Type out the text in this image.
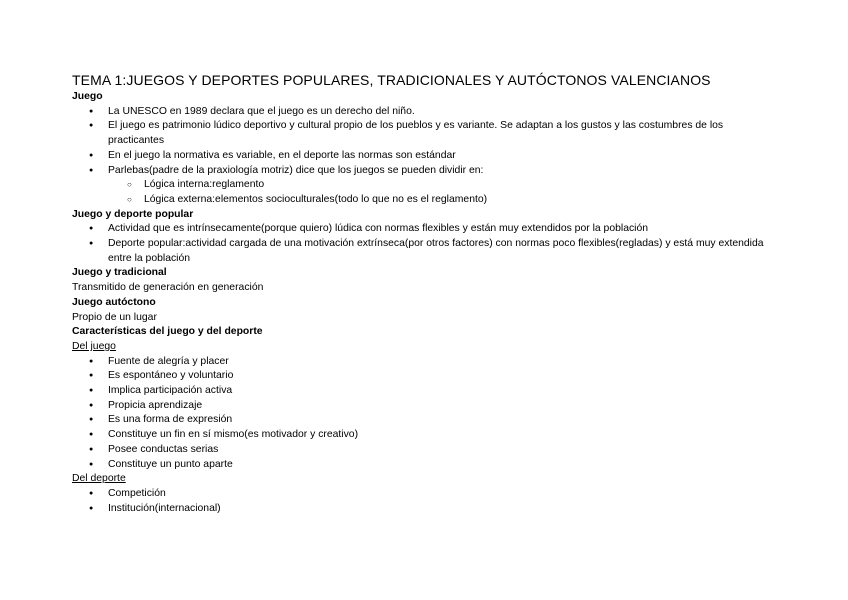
TEMA 1:JUEGOS Y DEPORTES POPULARES, TRADICIONALES Y AUTÓCTONOS VALENCIANOS
Juego
● La UNESCO en 1989 declara que el juego es un derecho del niño.
● El juego es patrimonio lúdico deportivo y cultural propio de los pueblos y es variante. Se adaptan a los gustos y las costumbres de los practicantes
● En el juego la normativa es variable, en el deporte las normas son estándar
● Parlebas(padre de la praxiología motriz) dice que los juegos se pueden dividir en:
○ Lógica interna:reglamento
○ Lógica externa:elementos socioculturales(todo lo que no es el reglamento)
Juego y deporte popular
● Actividad que es intrínsecamente(porque quiero) lúdica con normas flexibles y están muy extendidos por la población
● Deporte popular:actividad cargada de una motivación extrínseca(por otros factores) con normas poco flexibles(regladas) y está muy extendida entre la población
Juego y tradicional
Transmitido de generación en generación
Juego autóctono
Propio de un lugar
Características del juego y del deporte
Del juego
● Fuente de alegría y placer
● Es espontáneo y voluntario
● Implica participación activa
● Propicia aprendizaje
● Es una forma de expresión
● Constituye un fin en sí mismo(es motivador y creativo)
● Posee conductas serias
● Constituye un punto aparte
Del deporte
● Competición
● Institución(internacional)
